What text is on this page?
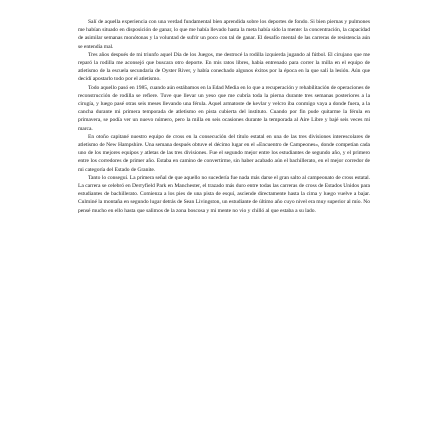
Salí de aquella experiencia con una verdad fundamental bien aprendida sobre los deportes de fondo. Si bien piernas y pulmones me habían situado en disposición de ganar, lo que me había llevado hasta la meta había sido la mente: la concentración, la capacidad de asimilar semanas monótonas y la voluntad de sufrir un poco con tal de ganar. El desafío mental de las carreras de resistencia aún se entendía mal.

Tres años después de mi triunfo aquel Día de los Juegos, me destrocé la rodilla izquierda jugando al fútbol. El cirujano que me reparó la rodilla me aconsejó que buscara otro deporte. En mis ratos libres, había entrenado para correr la milla en el equipo de atletismo de la escuela secundaria de Oyster River, y había conechado algunos éxitos por la época en la que salí la lesión. Aún que decidí apostarlo todo por el atletismo.

Todo aquello pasó en 1985, cuando aún estábamos en la Edad Media en lo que a recuperación y rehabilitación de operaciones de reconstrucción de rodilla se refiere. Tuve que llevar un yeso que me cubría toda la pierna durante tres semanas posteriores a la cirugía, y luego pasé otras seis meses llevando una férula. Aquel armatoste de kevlar y velcro iba conmigo vaya a donde fuera, a la cancha durante mi primera temporada de atletismo en pista cubierta del instituto. Cuando por fin pude quitarme la férula en primavera, se podía ver un nuevo número, pero la milla en seis ocasiones durante la temporada al Aire Libre y bajé seis veces mi marca.

En otoño capitané nuestro equipo de cross en la consecución del título estatal en una de las tres divisiones interescolares de atletismo de New Hampshire. Una semana después obtuve el décimo lugar en el «Encuentro de Campeones», donde competían cada uno de los mejores equipos y atletas de las tres divisiones. Fue el segundo mejor entre los estudiantes de segundo año, y el primero entre los corredores de primer año. Estaba en camino de convertirme, sin haber acabado aún el bachillerato, en el mejor corredor de mi categoría del Estado de Granite.

Tanto lo conseguí. La primera señal de que aquello no sucedería fue nada más darse el gran salto al campeonato de cross estatal. La carrera se celebró en Derryfield Park en Manchester, el trazado más duro entre todas las carreras de cross de Estados Unidos para estudiantes de bachillerato. Comienza a los pies de una pista de esquí, asciende directamente hasta la cima y luego vuelve a bajar. Culminé la montaña en segundo lugar detrás de Sean Livingston, un estudiante de último año cuyo nivel era muy superior al mío. No pensé mucho en ello hasta que salimos de la zona boscosa y mi mente no vio y chilló al que estaba a su lado.
